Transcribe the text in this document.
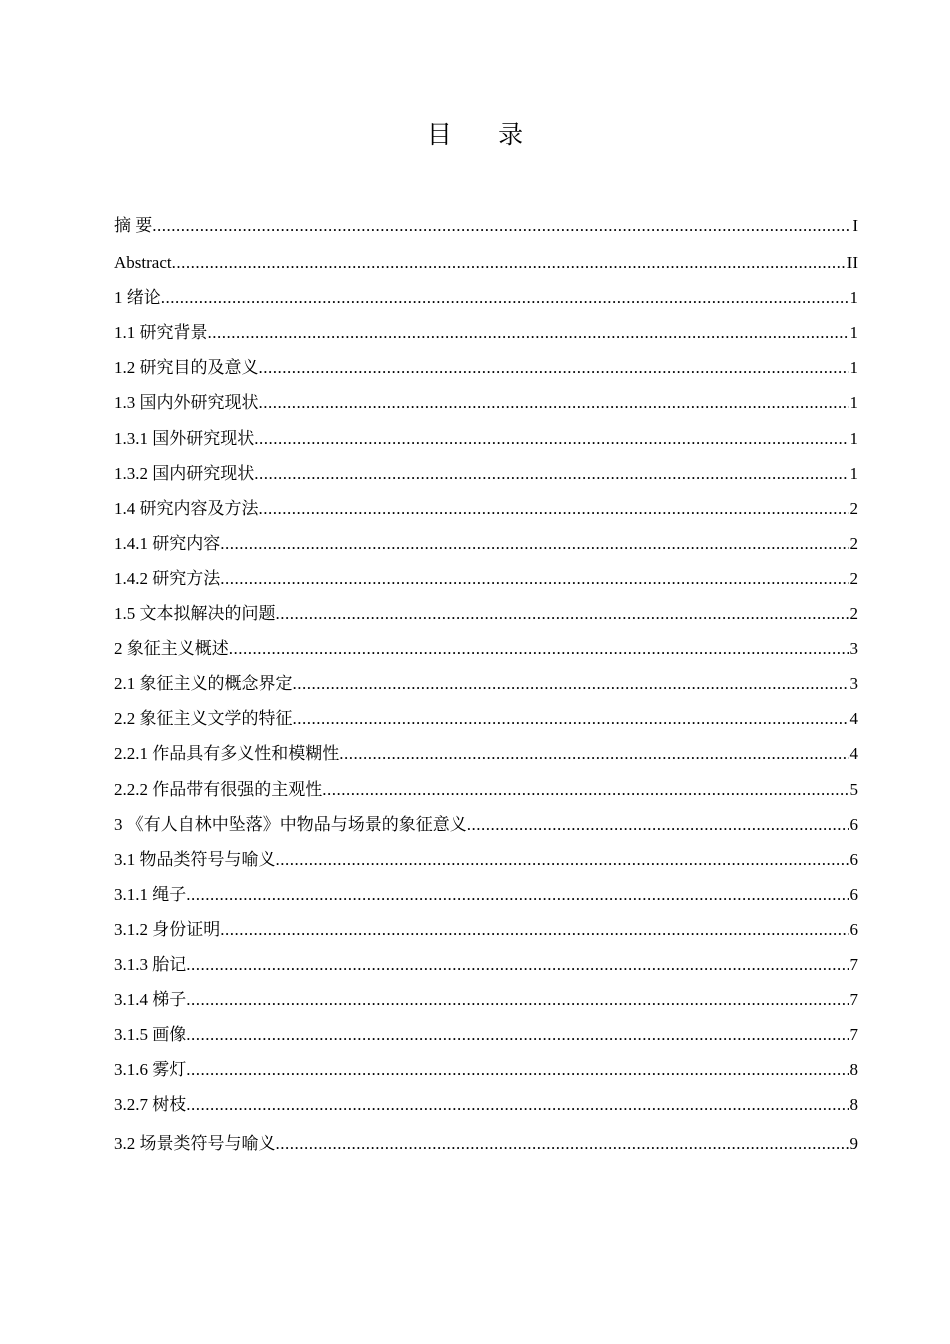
目 录
摘 要 .....	I
Abstract .....	II
1 绪论 .....	1
1.1 研究背景 .....	1
1.2 研究目的及意义 .....	1
1.3 国内外研究现状 .....	1
1.3.1 国外研究现状 .....	1
1.3.2 国内研究现状 .....	1
1.4 研究内容及方法 .....	2
1.4.1 研究内容 .....	2
1.4.2 研究方法 .....	2
1.5 文本拟解决的问题 .....	2
2 象征主义概述 .....	3
2.1 象征主义的概念界定 .....	3
2.2 象征主义文学的特征 .....	4
2.2.1 作品具有多义性和模糊性 .....	4
2.2.2 作品带有很强的主观性 .....	5
3 《有人自林中坠落》中物品与场景的象征意义 .....	6
3.1 物品类符号与喻义 .....	6
3.1.1 绳子 .....	6
3.1.2 身份证明 .....	6
3.1.3 胎记 .....	7
3.1.4 梯子 .....	7
3.1.5 画像 .....	7
3.1.6 雾灯 .....	8
3.2.7 树枝 .....	8
3.2 场景类符号与喻义 .....	9
